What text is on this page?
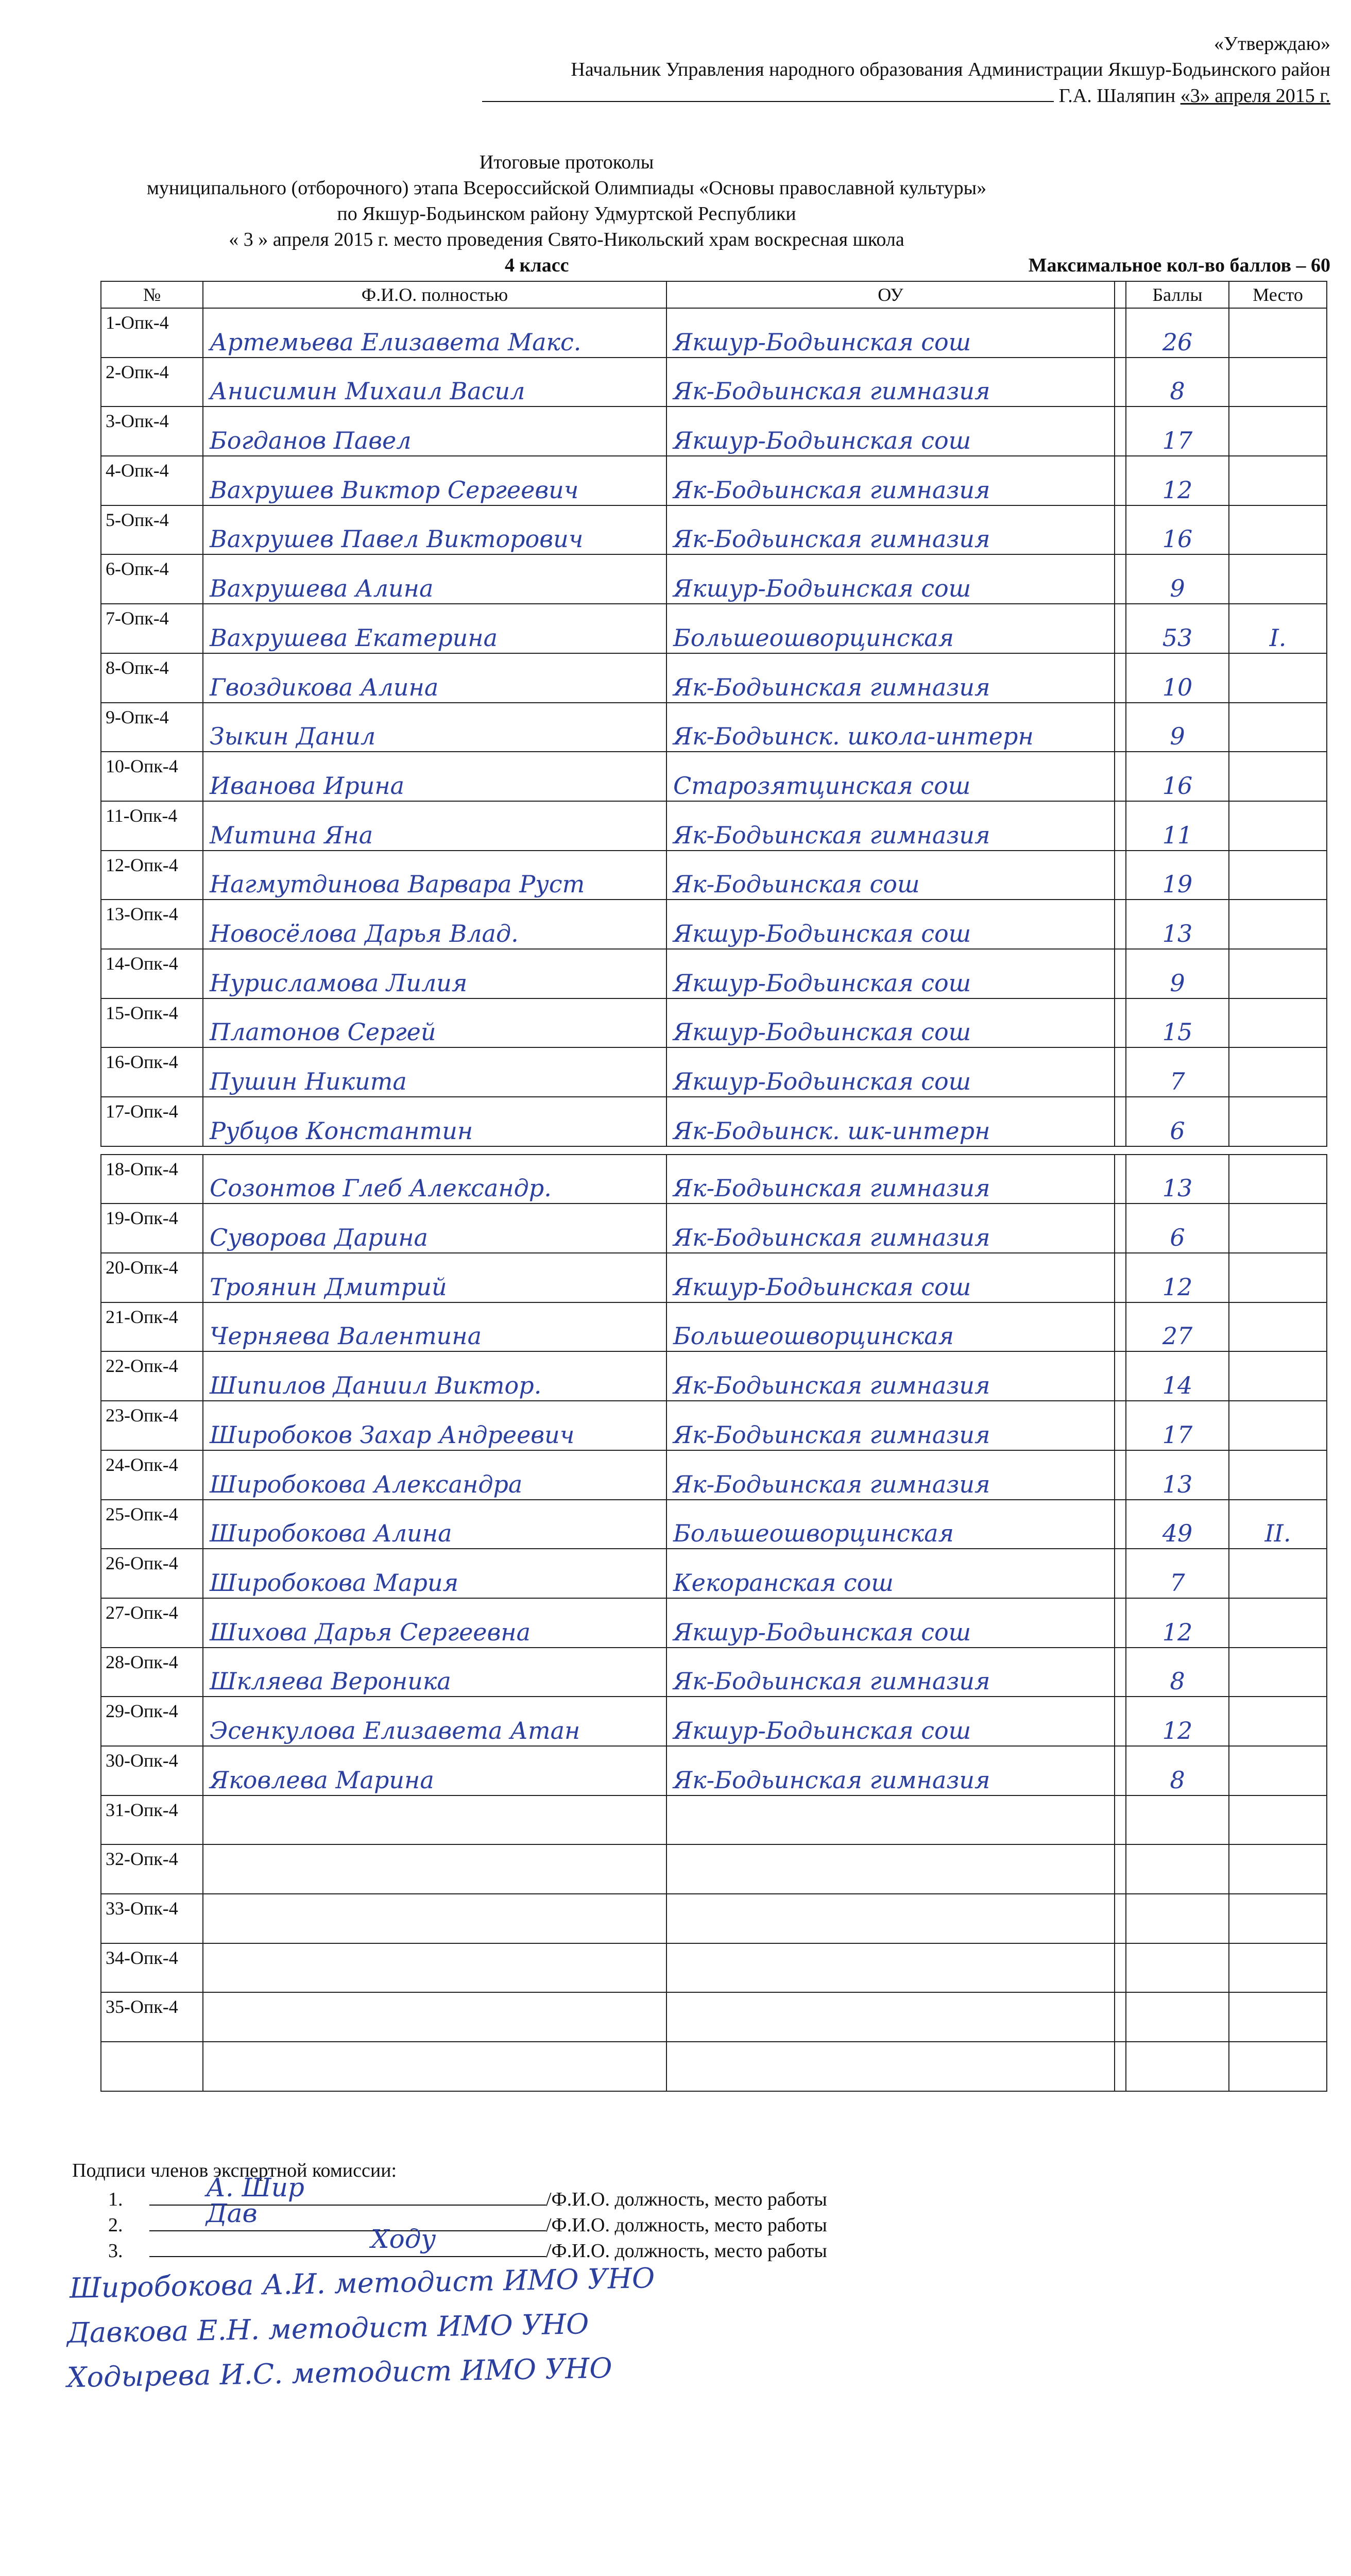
«Утверждаю»
Начальник Управления народного образования Администрации Якшур-Бодьинского район
Г.А. Шаляпин «3» апреля 2015 г.
Итоговые протоколы
муниципального (отборочного) этапа Всероссийской Олимпиады «Основы православной культуры»
по Якшур-Бодьинском району Удмуртской Республики
« 3 » апреля 2015 г. место проведения Свято-Никольский храм воскресная школа
4 класс	Максимальное кол-во баллов – 60
№	Ф.И.О. полностью	ОУ		Баллы	Место
1-Опк-4	Артемьева Елизавета Макс.	Якшур-Бодьинская сош		26	
2-Опк-4	Анисимин Михаил Васил	Як-Бодьинская гимназия		8	
3-Опк-4	Богданов Павел	Якшур-Бодьинская сош		17	
4-Опк-4	Вахрушев Виктор Сергеевич	Як-Бодьинская гимназия		12	
5-Опк-4	Вахрушев Павел Викторович	Як-Бодьинская гимназия		16	
6-Опк-4	Вахрушева Алина	Якшур-Бодьинская сош		9	
7-Опк-4	Вахрушева Екатерина	Большеошворцинская		53	I.
8-Опк-4	Гвоздикова Алина	Як-Бодьинская гимназия		10	
9-Опк-4	Зыкин Данил	Як-Бодьинск. школа-интерн		9	
10-Опк-4	Иванова Ирина	Старозятцинская сош		16	
11-Опк-4	Митина Яна	Як-Бодьинская гимназия		11	
12-Опк-4	Нагмутдинова Варвара Руст	Як-Бодьинская сош		19	
13-Опк-4	Новосёлова Дарья Влад.	Якшур-Бодьинская сош		13	
14-Опк-4	Нурисламова Лилия	Якшур-Бодьинская сош		9	
15-Опк-4	Платонов Сергей	Якшур-Бодьинская сош		15	
16-Опк-4	Пушин Никита	Якшур-Бодьинская сош		7	
17-Опк-4	Рубцов Константин	Як-Бодьинск. шк-интерн		6	

18-Опк-4	Созонтов Глеб Александр.	Як-Бодьинская гимназия		13	
19-Опк-4	Суворова Дарина	Як-Бодьинская гимназия		6	
20-Опк-4	Троянин Дмитрий	Якшур-Бодьинская сош		12	
21-Опк-4	Черняева Валентина	Большеошворцинская		27	
22-Опк-4	Шипилов Даниил Виктор.	Як-Бодьинская гимназия		14	
23-Опк-4	Широбоков Захар Андреевич	Як-Бодьинская гимназия		17	
24-Опк-4	Широбокова Александра	Як-Бодьинская гимназия		13	
25-Опк-4	Широбокова Алина	Большеошворцинская		49	II.
26-Опк-4	Широбокова Мария	Кекоранская сош		7	
27-Опк-4	Шихова Дарья Сергеевна	Якшур-Бодьинская сош		12	
28-Опк-4	Шкляева Вероника	Як-Бодьинская гимназия		8	
29-Опк-4	Эсенкулова Елизавета Атан	Якшур-Бодьинская сош		12	
30-Опк-4	Яковлева Марина	Як-Бодьинская гимназия		8	
31-Опк-4					
32-Опк-4					
33-Опк-4					
34-Опк-4					
35-Опк-4					

Подписи членов экспертной комиссии:
1.	А. Шир	/Ф.И.О. должность, место работы
2.	Дав	/Ф.И.О. должность, место работы
3.	Ходу	/Ф.И.О. должность, место работы
Широбокова А.И. методист ИМО УНО
Давкова Е.Н. методист ИМО УНО
Ходырева И.С. методист ИМО УНО
